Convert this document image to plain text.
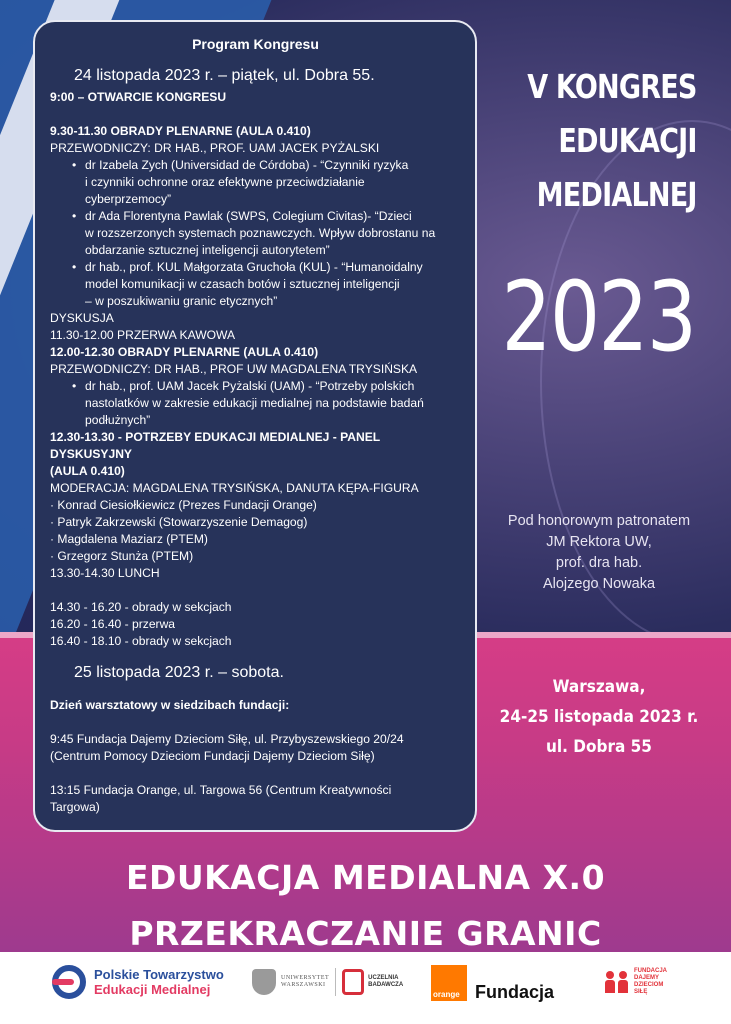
Program Kongresu

24 listopada 2023 r. – piątek, ul. Dobra 55.

9:00 – OTWARCIE KONGRESU

9.30-11.30 OBRADY PLENARNE (AULA 0.410)

PRZEWODNICZY: DR HAB., PROF. UAM JACEK PYŻALSKI

• dr Izabela Zych (Universidad de Córdoba) - “Czynniki ryzyka
i czynniki ochronne oraz efektywne przeciwdziałanie
cyberprzemocy”
• dr Ada Florentyna Pawlak (SWPS, Colegium Civitas)- “Dzieci
w rozszerzonych systemach poznawczych. Wpływ dobrostanu na
obdarzanie sztucznej inteligencji autorytetem”
• dr hab., prof. KUL Małgorzata Gruchoła (KUL) - “Humanoidalny
model komunikacji w czasach botów i sztucznej inteligencji
– w poszukiwaniu granic etycznych”

DYSKUSJA

11.30-12.00 PRZERWA KAWOWA

12.00-12.30 OBRADY PLENARNE (AULA 0.410)

PRZEWODNICZY: DR HAB., PROF UW MAGDALENA TRYSIŃSKA

• dr hab., prof. UAM Jacek Pyżalski (UAM) - “Potrzeby polskich
nastolatków w zakresie edukacji medialnej na podstawie badań
podłużnych”

12.30-13.30 - POTRZEBY EDUKACJI MEDIALNEJ - PANEL DYSKUSYJNY
(AULA 0.410)

MODERACJA: MAGDALENA TRYSIŃSKA, DANUTA KĘPA-FIGURA

· Konrad Ciesiołkiewicz (Prezes Fundacji Orange)

· Patryk Zakrzewski (Stowarzyszenie Demagog)

· Magdalena Maziarz (PTEM)

· Grzegorz Stunża (PTEM)

13.30-14.30 LUNCH

14.30 - 16.20 - obrady w sekcjach

16.20 - 16.40 - przerwa

16.40 - 18.10 - obrady w sekcjach

25 listopada 2023 r. – sobota.

Dzień warsztatowy w siedzibach fundacji:

9:45 Fundacja Dajemy Dzieciom Siłę, ul. Przybyszewskiego 20/24
(Centrum Pomocy Dzieciom Fundacji Dajemy Dzieciom Siłę)

13:15 Fundacja Orange, ul. Targowa 56 (Centrum Kreatywności
Targowa)

V KONGRES
EDUKACJI
MEDIALNEJ
2023
Pod honorowym patronatem
JM Rektora UW,
prof. dra hab.
Alojzego Nowaka
Warszawa,
24-25 listopada 2023 r.
ul. Dobra 55
EDUKACJA MEDIALNA X.0
PRZEKRACZANIE GRANIC
Polskie Towarzystwo
Edukacji Medialnej
UNIWERSYTET
WARSZAWSKI
UCZELNIA
BADAWCZA
orange Fundacja
FUNDACJA
DAJEMY
DZIECIOM
SIŁĘ
